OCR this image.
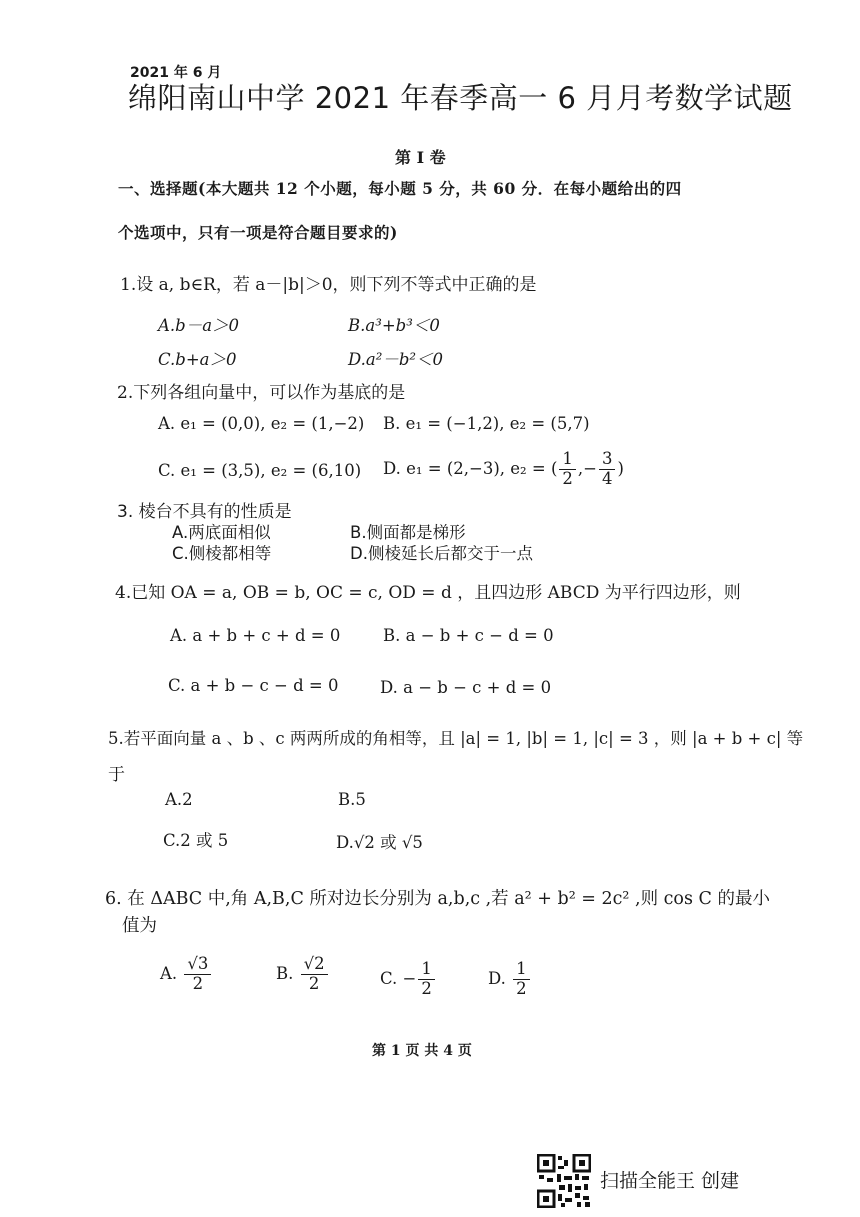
2021 年 6 月
绵阳南山中学 2021 年春季高一 6 月月考数学试题
第 I 卷
一、选择题(本大题共 12 个小题，每小题 5 分，共 60 分．在每小题给出的四
个选项中，只有一项是符合题目要求的)
1.设 a, b∈R，若 a－|b|＞0，则下列不等式中正确的是
A.b－a＞0	B.a³+b³＜0
C.b+a＞0	D.a²－b²＜0
2.下列各组向量中，可以作为基底的是
A. e₁ = (0,0), e₂ = (1,−2) B. e₁ = (−1,2), e₂ = (5,7)
C. e₁ = (3,5), e₂ = (6,10) D. e₁ = (2,−3), e₂ = ( $\frac{1}{2}$ ,− $\frac{3}{4}$ )
3. 棱台不具有的性质是
A.两底面相似	B.侧面都是梯形
C.侧棱都相等	D.侧棱延长后都交于一点
4.已知 OA = a, OB = b, OC = c, OD = d ，且四边形 ABCD 为平行四边形，则
A. a + b + c + d = 0	B. a − b + c − d = 0
C. a + b − c − d = 0	D. a − b − c + d = 0
5.若平面向量 a 、b 、c 两两所成的角相等，且 |a| = 1, |b| = 1, |c| = 3 ，则 |a + b + c| 等
于
A.2	B.5
C.2 或 5	D.√2 或 √5
6. 在 ΔABC 中,角 A,B,C 所对边长分别为 a,b,c ,若 a² + b² = 2c² ,则 cos C 的最小
值为
A. $\frac{√3}{2}$	B. $\frac{√2}{2}$	C. − $\frac{1}{2}$	D. $\frac{1}{2}$
第 1 页 共 4 页
扫描全能王 创建
